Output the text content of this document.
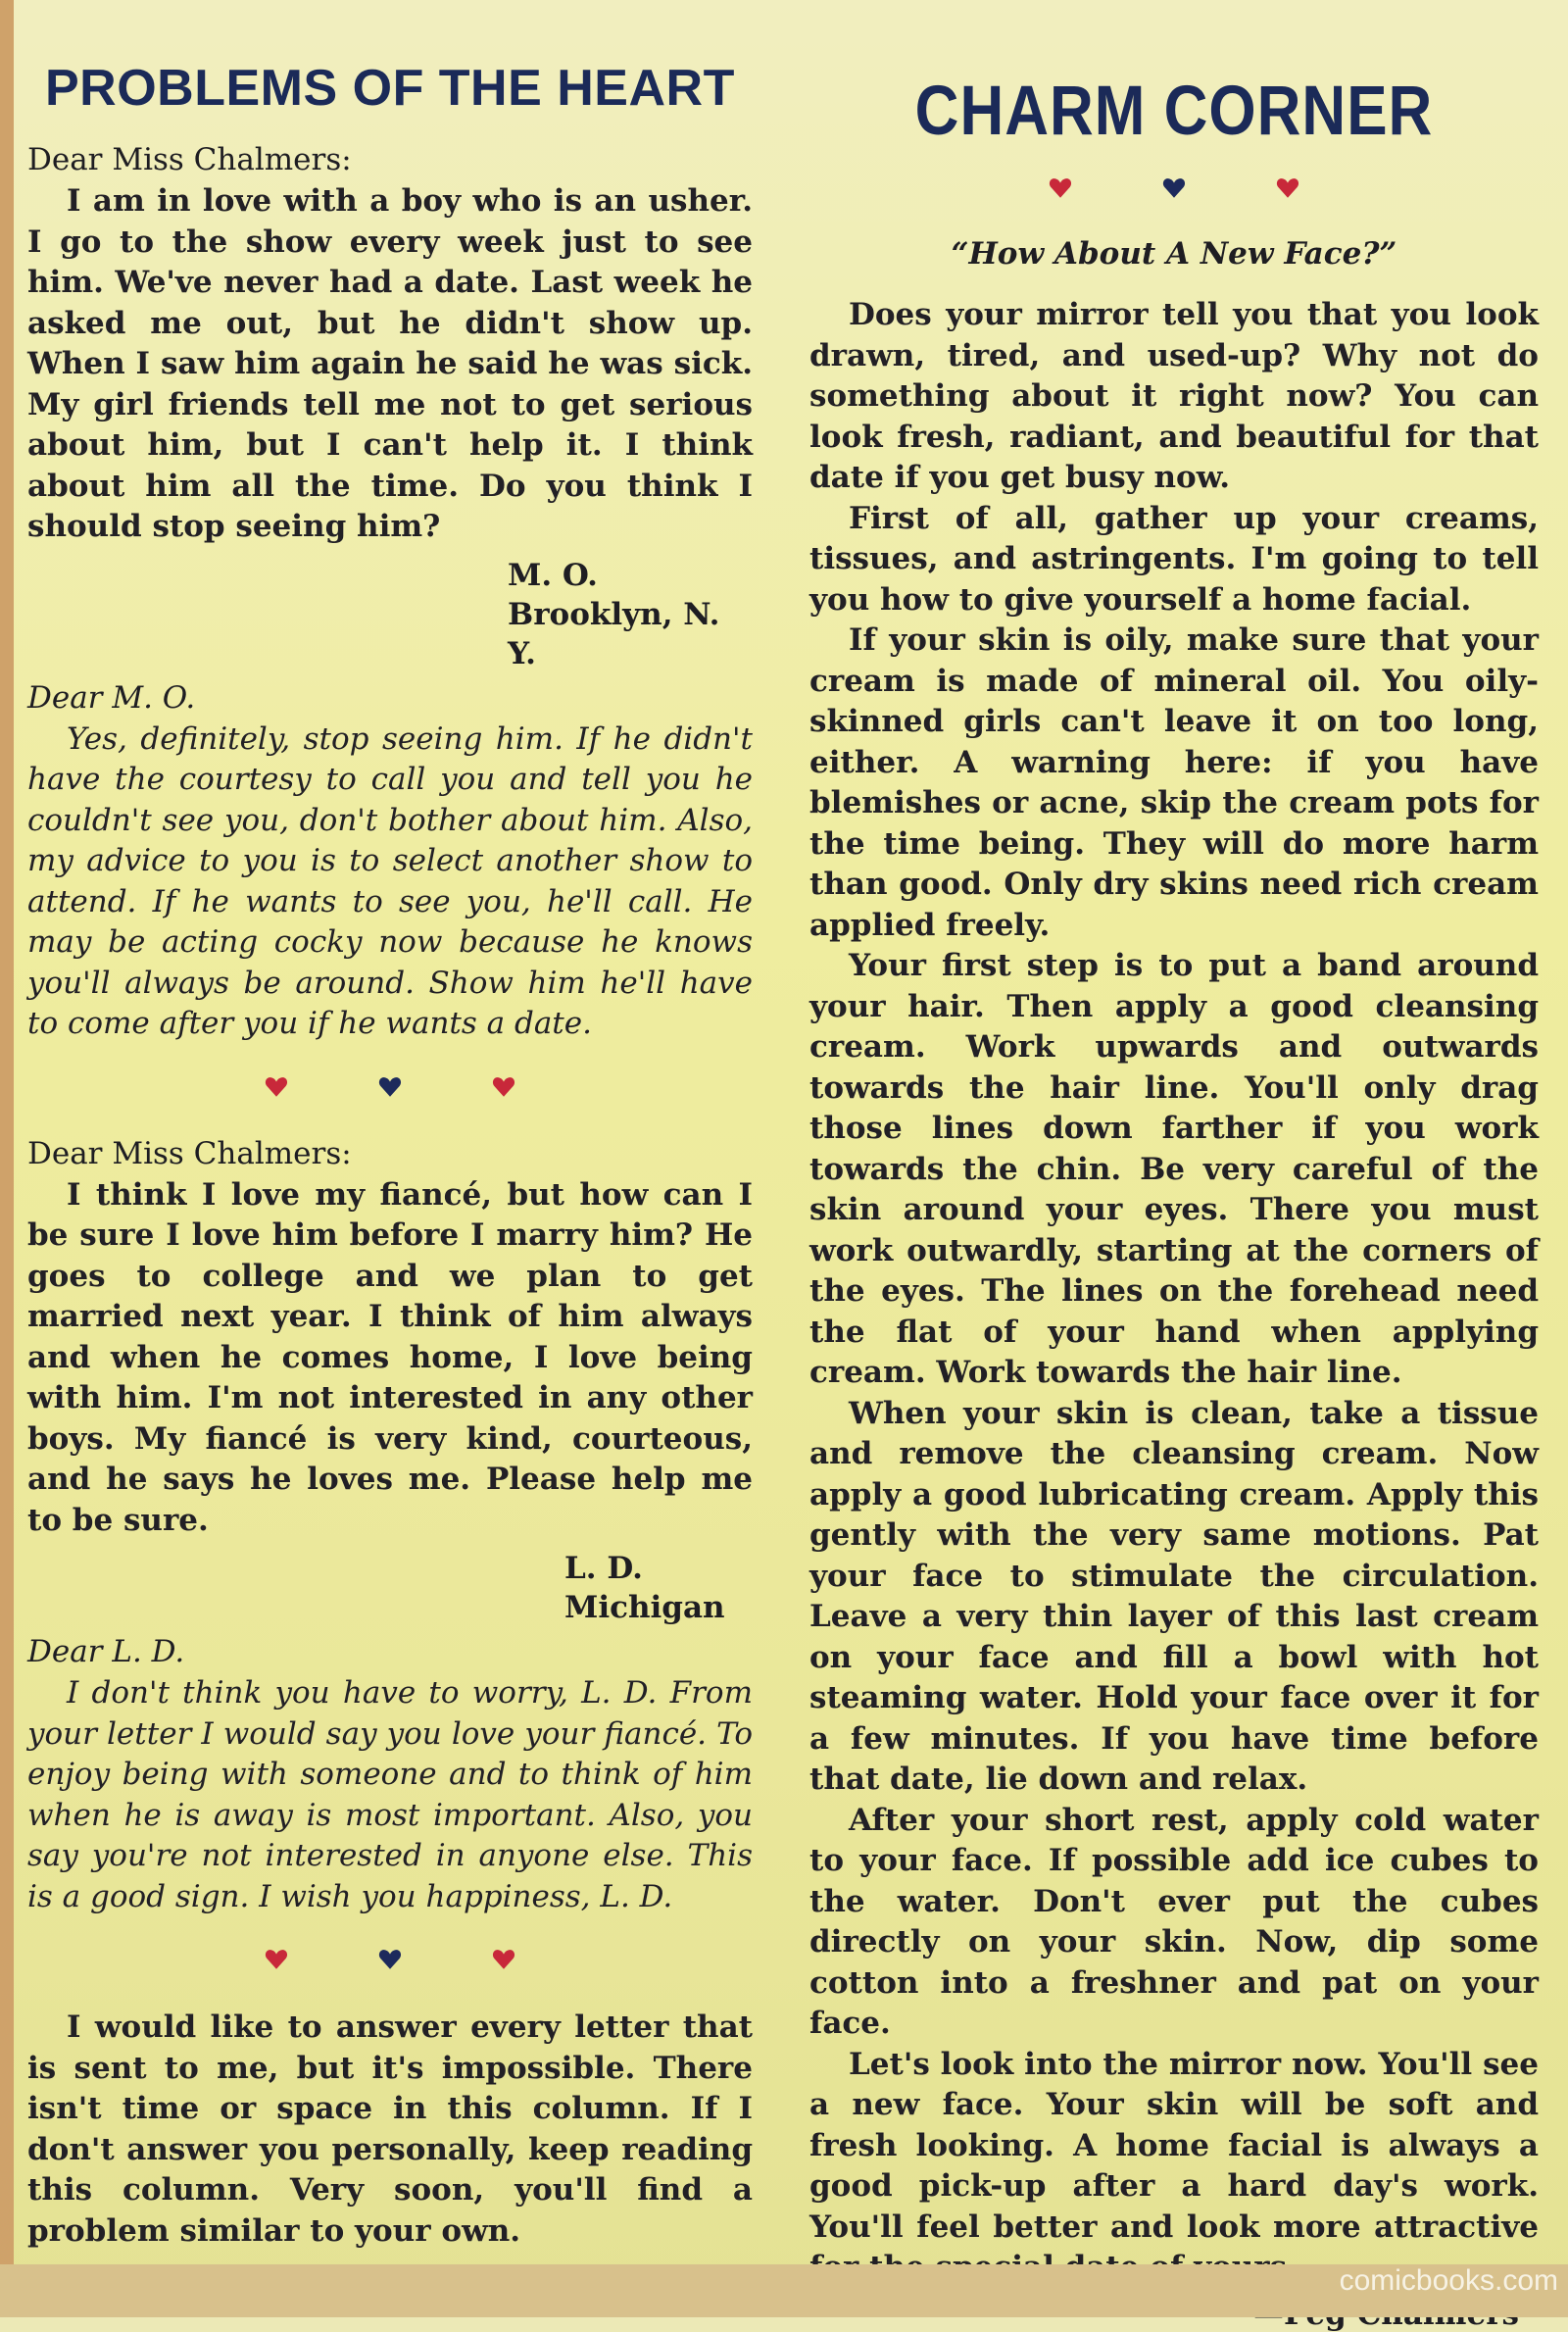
PROBLEMS OF THE HEART
Dear Miss Chalmers:

I am in love with a boy who is an usher. I go to the show every week just to see him. We've never had a date. Last week he asked me out, but he didn't show up. When I saw him again he said he was sick. My girl friends tell me not to get serious about him, but I can't help it. I think about him all the time. Do you think I should stop seeing him?

M. O.
Brooklyn, N. Y.
Dear M. O.

Yes, definitely, stop seeing him. If he didn't have the courtesy to call you and tell you he couldn't see you, don't bother about him. Also, my advice to you is to select another show to attend. If he wants to see you, he'll call. He may be acting cocky now because he knows you'll always be around. Show him he'll have to come after you if he wants a date.

Dear Miss Chalmers:

I think I love my fiancé, but how can I be sure I love him before I marry him? He goes to college and we plan to get married next year. I think of him always and when he comes home, I love being with him. I'm not interested in any other boys. My fiancé is very kind, courteous, and he says he loves me. Please help me to be sure.

L. D.
Michigan
Dear L. D.

I don't think you have to worry, L. D. From your letter I would say you love your fiancé. To enjoy being with someone and to think of him when he is away is most important. Also, you say you're not interested in anyone else. This is a good sign. I wish you happiness, L. D.

I would like to answer every letter that is sent to me, but it's impossible. There isn't time or space in this column. If I don't answer you personally, keep reading this column. Very soon, you'll find a problem similar to your own.

CHARM CORNER
“How About A New Face?”

Does your mirror tell you that you look drawn, tired, and used-up? Why not do something about it right now? You can look fresh, radiant, and beautiful for that date if you get busy now.

First of all, gather up your creams, tissues, and astringents. I'm going to tell you how to give yourself a home facial.

If your skin is oily, make sure that your cream is made of mineral oil. You oily-skinned girls can't leave it on too long, either. A warning here: if you have blemishes or acne, skip the cream pots for the time being. They will do more harm than good. Only dry skins need rich cream applied freely.

Your first step is to put a band around your hair. Then apply a good cleansing cream. Work upwards and outwards towards the hair line. You'll only drag those lines down farther if you work towards the chin. Be very careful of the skin around your eyes. There you must work outwardly, starting at the corners of the eyes. The lines on the forehead need the flat of your hand when applying cream. Work towards the hair line.

When your skin is clean, take a tissue and remove the cleansing cream. Now apply a good lubricating cream. Apply this gently with the very same motions. Pat your face to stimulate the circulation. Leave a very thin layer of this last cream on your face and fill a bowl with hot steaming water. Hold your face over it for a few minutes. If you have time before that date, lie down and relax.

After your short rest, apply cold water to your face. If possible add ice cubes to the water. Don't ever put the cubes directly on your skin. Now, dip some cotton into a freshner and pat on your face.

Let's look into the mirror now. You'll see a new face. Your skin will be soft and fresh looking. A home facial is always a good pick-up after a hard day's work. You'll feel better and look more attractive

comicbooks.com
